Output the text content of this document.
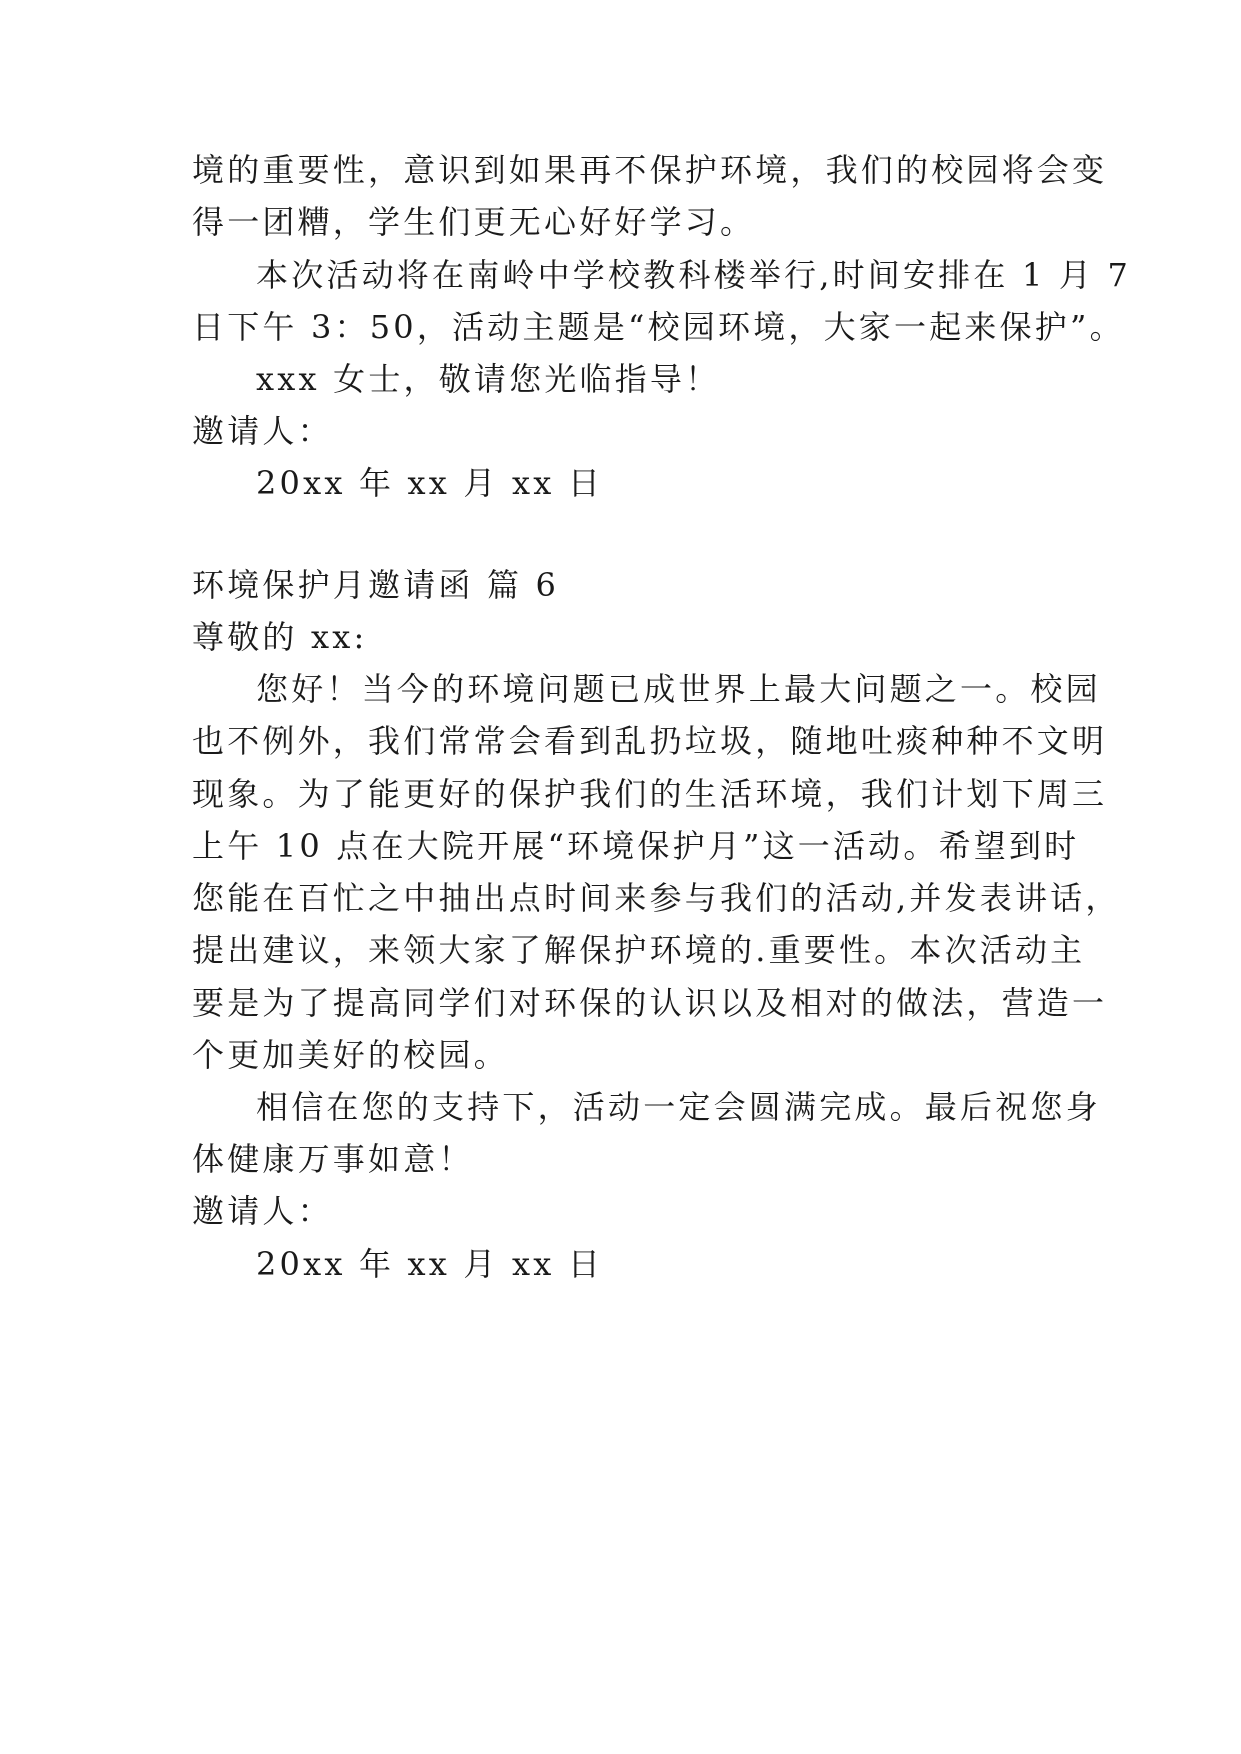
境的重要性，意识到如果再不保护环境，我们的校园将会变
得一团糟，学生们更无心好好学习。
本次活动将在南岭中学校教科楼举行,时间安排在 1 月 7
日下午 3：50，活动主题是“校园环境，大家一起来保护”。
xxx 女士，敬请您光临指导！
邀请人：
20xx 年 xx 月 xx 日
环境保护月邀请函 篇 6
尊敬的 xx:
您好！当今的环境问题已成世界上最大问题之一。校园
也不例外，我们常常会看到乱扔垃圾，随地吐痰种种不文明
现象。为了能更好的保护我们的生活环境，我们计划下周三
上午 10 点在大院开展“环境保护月”这一活动。希望到时
您能在百忙之中抽出点时间来参与我们的活动,并发表讲话，
提出建议，来领大家了解保护环境的.重要性。本次活动主
要是为了提高同学们对环保的认识以及相对的做法，营造一
个更加美好的校园。
相信在您的支持下，活动一定会圆满完成。最后祝您身
体健康万事如意！
邀请人：
20xx 年 xx 月 xx 日
